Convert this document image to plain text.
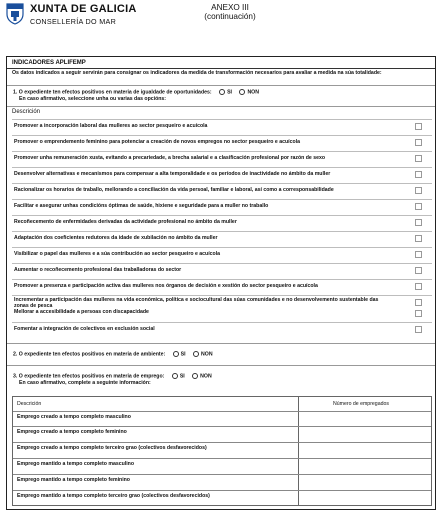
XUNTA DE GALICIA
CONSELLERÍA DO MAR
ANEXO III
(continuación)
INDICADORES APLIFEMP
Os datos indicados a seguir servirán para consignar os indicadores da medida de transformación necesarios para avaliar a medida na súa totalidade:
1. O expediente ten efectos positivos en materia de igualdade de oportunidades:	SI	NON
En caso afirmativo, seleccione unha ou varias das opcións:
Descrición
Promover a incorporación laboral das mulleres ao sector pesqueiro e acuícola
Promover o emprendemento feminino para potenciar a creación de novos empregos no sector pesqueiro e acuícola
Promover unha remuneración xusta, evitando a precariedade, a brecha salarial e a clasificación profesional por razón de sexo
Desenvolver alternativas e mecanismos para compensar a alta temporalidade e os períodos de inactividade no ámbito da muller
Racionalizar os horarios de traballo, mellorando a conciliación da vida persoal, familiar e laboral, así como a corresponsabilidade
Facilitar e asegurar unhas condicións óptimas de saúde, hixiene e seguridade para a muller no traballo
Recoñecemento de enfermidades derivadas da actividade profesional no ámbito da muller
Adaptación dos coeficientes redutores da idade de xubilación no ámbito da muller
Visibilizar o papel das mulleres e a súa contribución ao sector pesqueiro e acuícola
Aumentar o recoñecemento profesional das traballadoras do sector
Promover a presenza e participación activa das mulleres nos órganos de decisión e xestión do sector pesqueiro e acuícola
Incrementar a participación das mulleres na vida económica, política e sociocultural das súas comunidades e no desenvolvemento sustentable das zonas de pesca
Mellorar a accesibilidade a persoas con discapacidade
Fomentar a integración de colectivos en exclusión social
2. O expediente ten efectos positivos en materia de ambiente:	SI	NON
3. O expediente ten efectos positivos en materia de emprego:	SI	NON
En caso afirmativo, complete a seguinte información:
Descrición	Número de empregados
Emprego creado a tempo completo masculino
Emprego creado a tempo completo feminino
Emprego creado a tempo completo terceiro grao (colectivos desfavorecidos)
Emprego mantido a tempo completo masculino
Emprego mantido a tempo completo feminino
Emprego mantido a tempo completo terceiro grao (colectivos desfavorecidos)
